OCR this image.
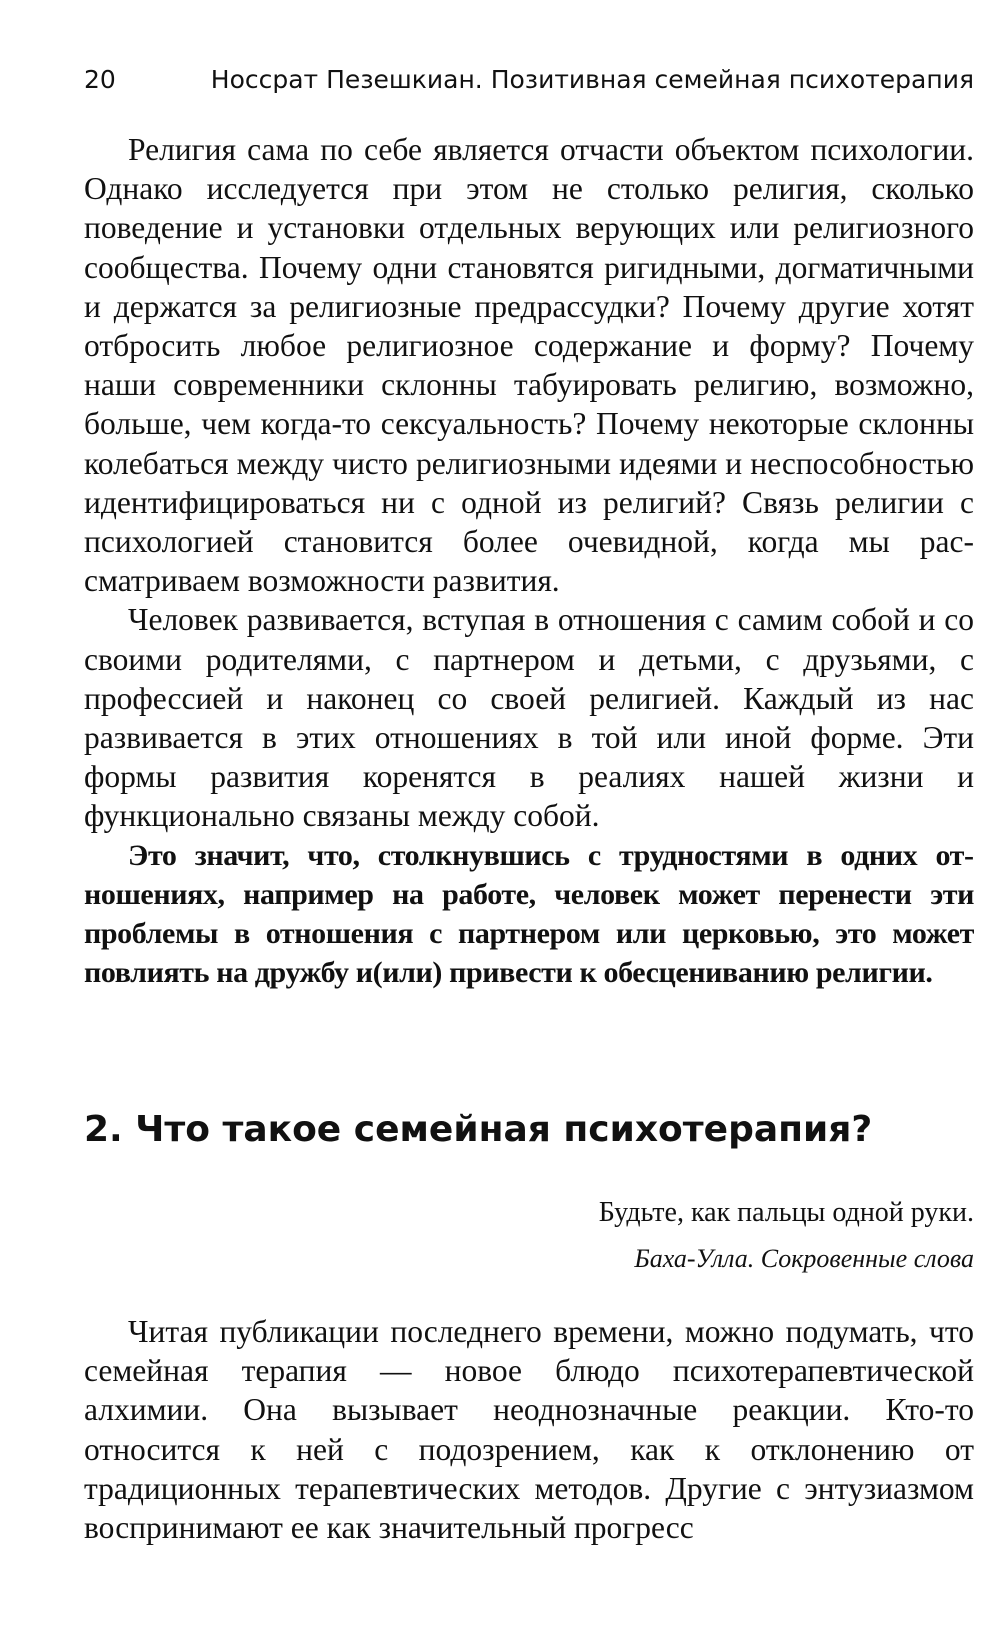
20	Носсрат Пезешкиан. Позитивная семейная психотерапия

Религия сама по себе является отчасти объектом психологии. Однако исследуется при этом не столько религия, сколько поведение и установки отдельных верующих или религиозного сообщества. Почему одни становятся ригидными, догматичными и держатся за религиозные предрассудки? Почему другие хотят отбросить любое религиозное содержание и форму? Почему наши современники склонны табуировать религию, возможно, больше, чем когда-то сексуальность? Почему некоторые склонны колебаться между чисто религиозными идеями и неспособностью идентифицироваться ни с одной из религий? Связь религии с психологией становится более очевидной, когда мы рассматриваем возможности развития.

Человек развивается, вступая в отношения с самим собой и со своими родителями, с партнером и детьми, с друзьями, с профессией и наконец со своей религией. Каждый из нас развивается в этих отношениях в той или иной форме. Эти формы развития коренятся в реалиях нашей жизни и функционально связаны между собой.

Это значит, что, столкнувшись с трудностями в одних отношениях, например на работе, человек может перенести эти проблемы в отношения с партнером или церковью, это может повлиять на дружбу и(или) привести к обесцениванию религии.

2. Что такое семейная психотерапия?
Будьте, как пальцы одной руки.
Баха-Улла. Сокровенные слова

Читая публикации последнего времени, можно подумать, что семейная терапия — новое блюдо психотерапевтической алхимии. Она вызывает неоднозначные реакции. Кто-то относится к ней с подозрением, как к отклонению от традиционных терапевтических методов. Другие с энтузиазмом воспринимают ее как значительный прогресс
